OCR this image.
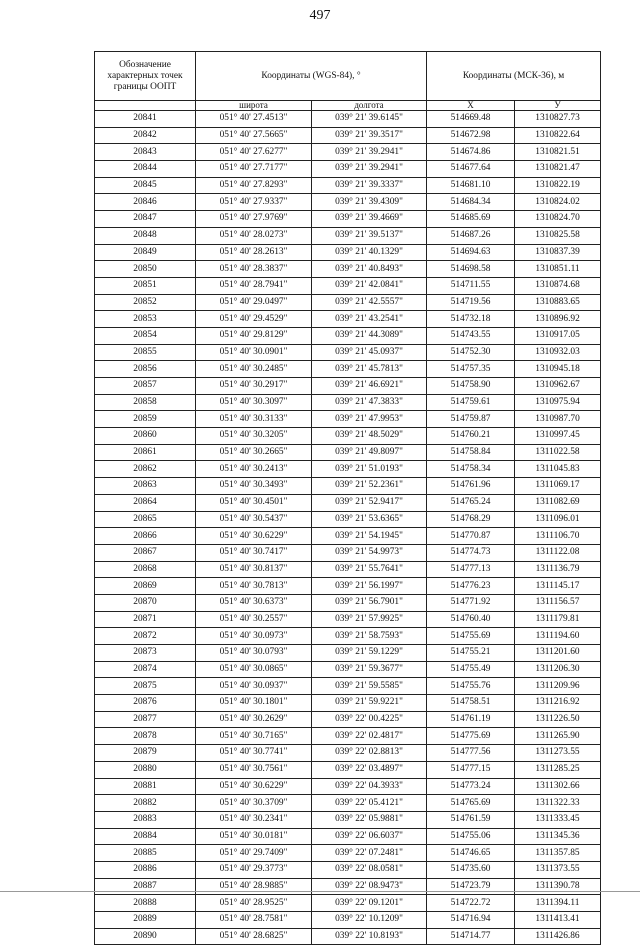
497
Обозначение характерных точек границы ООПТ	Координаты (WGS-84), °		Координаты (МСК-36), м	
	широта	долгота	X	У
20841	051° 40' 27.4513"	039° 21' 39.6145"	514669.48	1310827.73
20842	051° 40' 27.5665"	039° 21' 39.3517"	514672.98	1310822.64
20843	051° 40' 27.6277"	039° 21' 39.2941"	514674.86	1310821.51
20844	051° 40' 27.7177"	039° 21' 39.2941"	514677.64	1310821.47
20845	051° 40' 27.8293"	039° 21' 39.3337"	514681.10	1310822.19
20846	051° 40' 27.9337"	039° 21' 39.4309"	514684.34	1310824.02
20847	051° 40' 27.9769"	039° 21' 39.4669"	514685.69	1310824.70
20848	051° 40' 28.0273"	039° 21' 39.5137"	514687.26	1310825.58
20849	051° 40' 28.2613"	039° 21' 40.1329"	514694.63	1310837.39
20850	051° 40' 28.3837"	039° 21' 40.8493"	514698.58	1310851.11
20851	051° 40' 28.7941"	039° 21' 42.0841"	514711.55	1310874.68
20852	051° 40' 29.0497"	039° 21' 42.5557"	514719.56	1310883.65
20853	051° 40' 29.4529"	039° 21' 43.2541"	514732.18	1310896.92
20854	051° 40' 29.8129"	039° 21' 44.3089"	514743.55	1310917.05
20855	051° 40' 30.0901"	039° 21' 45.0937"	514752.30	1310932.03
20856	051° 40' 30.2485"	039° 21' 45.7813"	514757.35	1310945.18
20857	051° 40' 30.2917"	039° 21' 46.6921"	514758.90	1310962.67
20858	051° 40' 30.3097"	039° 21' 47.3833"	514759.61	1310975.94
20859	051° 40' 30.3133"	039° 21' 47.9953"	514759.87	1310987.70
20860	051° 40' 30.3205"	039° 21' 48.5029"	514760.21	1310997.45
20861	051° 40' 30.2665"	039° 21' 49.8097"	514758.84	1311022.58
20862	051° 40' 30.2413"	039° 21' 51.0193"	514758.34	1311045.83
20863	051° 40' 30.3493"	039° 21' 52.2361"	514761.96	1311069.17
20864	051° 40' 30.4501"	039° 21' 52.9417"	514765.24	1311082.69
20865	051° 40' 30.5437"	039° 21' 53.6365"	514768.29	1311096.01
20866	051° 40' 30.6229"	039° 21' 54.1945"	514770.87	1311106.70
20867	051° 40' 30.7417"	039° 21' 54.9973"	514774.73	1311122.08
20868	051° 40' 30.8137"	039° 21' 55.7641"	514777.13	1311136.79
20869	051° 40' 30.7813"	039° 21' 56.1997"	514776.23	1311145.17
20870	051° 40' 30.6373"	039° 21' 56.7901"	514771.92	1311156.57
20871	051° 40' 30.2557"	039° 21' 57.9925"	514760.40	1311179.81
20872	051° 40' 30.0973"	039° 21' 58.7593"	514755.69	1311194.60
20873	051° 40' 30.0793"	039° 21' 59.1229"	514755.21	1311201.60
20874	051° 40' 30.0865"	039° 21' 59.3677"	514755.49	1311206.30
20875	051° 40' 30.0937"	039° 21' 59.5585"	514755.76	1311209.96
20876	051° 40' 30.1801"	039° 21' 59.9221"	514758.51	1311216.92
20877	051° 40' 30.2629"	039° 22' 00.4225"	514761.19	1311226.50
20878	051° 40' 30.7165"	039° 22' 02.4817"	514775.69	1311265.90
20879	051° 40' 30.7741"	039° 22' 02.8813"	514777.56	1311273.55
20880	051° 40' 30.7561"	039° 22' 03.4897"	514777.15	1311285.25
20881	051° 40' 30.6229"	039° 22' 04.3933"	514773.24	1311302.66
20882	051° 40' 30.3709"	039° 22' 05.4121"	514765.69	1311322.33
20883	051° 40' 30.2341"	039° 22' 05.9881"	514761.59	1311333.45
20884	051° 40' 30.0181"	039° 22' 06.6037"	514755.06	1311345.36
20885	051° 40' 29.7409"	039° 22' 07.2481"	514746.65	1311357.85
20886	051° 40' 29.3773"	039° 22' 08.0581"	514735.60	1311373.55
20887	051° 40' 28.9885"	039° 22' 08.9473"	514723.79	1311390.78
20888	051° 40' 28.9525"	039° 22' 09.1201"	514722.72	1311394.11
20889	051° 40' 28.7581"	039° 22' 10.1209"	514716.94	1311413.41
20890	051° 40' 28.6825"	039° 22' 10.8193"	514714.77	1311426.86
